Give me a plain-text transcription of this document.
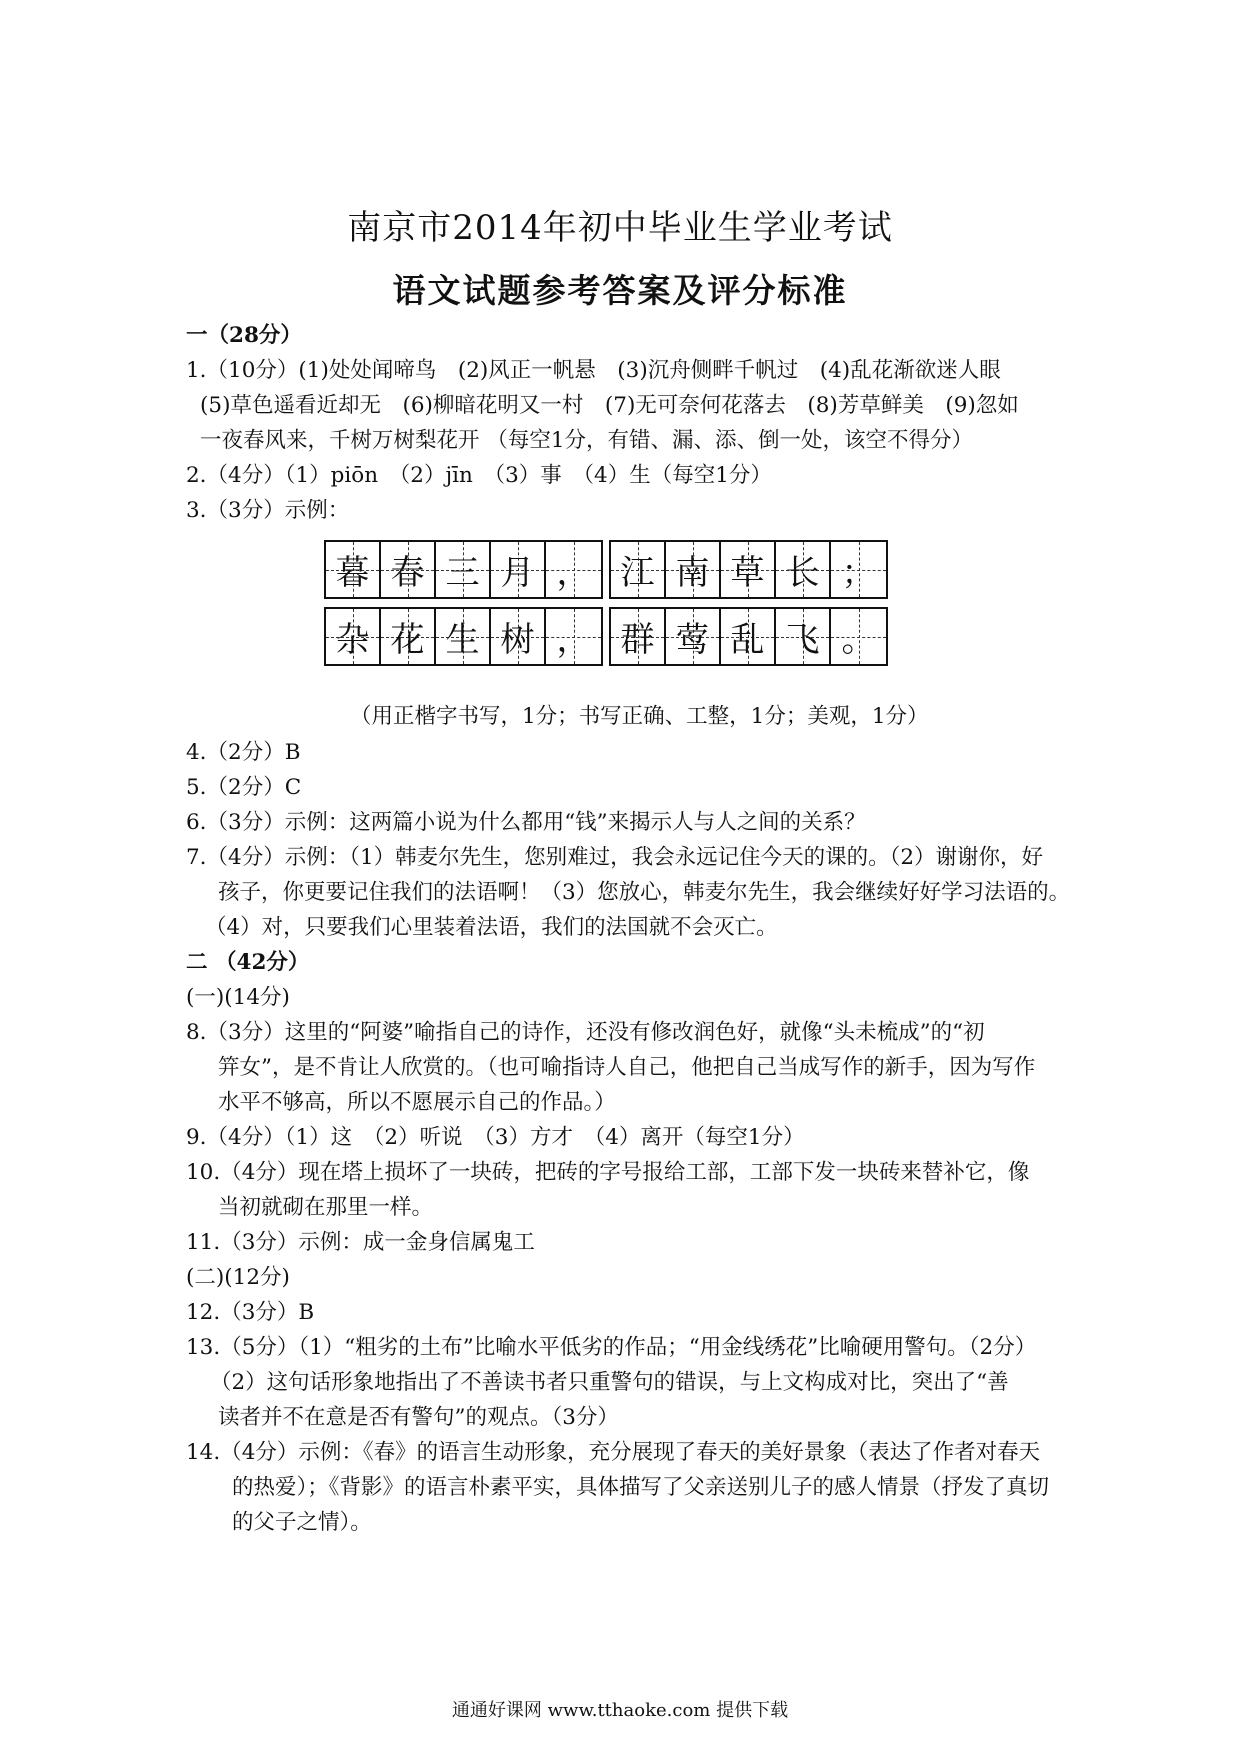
南京市2014年初中毕业生学业考试
语文试题参考答案及评分标准
一（28分）
1.（10分）(1)处处闻啼鸟　(2)风正一帆悬　(3)沉舟侧畔千帆过　(4)乱花渐欲迷人眼
(5)草色遥看近却无　(6)柳暗花明又一村　(7)无可奈何花落去　(8)芳草鲜美　(9)忽如
一夜春风来，千树万树梨花开 （每空1分，有错、漏、添、倒一处，该空不得分）
2.（4分）（1）piōn　（2）jīn　（3）事　（4）生（每空1分）
3.（3分）示例：
暮 春 三 月 ， 江 南 草 长 ；
杂 花 生 树 ， 群 莺 乱 飞 。
（用正楷字书写，1分；书写正确、工整，1分；美观，1分）
4.（2分）B
5.（2分）C
6.（3分）示例：这两篇小说为什么都用“钱”来揭示人与人之间的关系？
7.（4分）示例：（1）韩麦尔先生，您别难过，我会永远记住今天的课的。（2）谢谢你，好
孩子，你更要记住我们的法语啊！（3）您放心，韩麦尔先生，我会继续好好学习法语的。
（4）对，只要我们心里装着法语，我们的法国就不会灭亡。
二 （42分）
(一)(14分)
8.（3分）这里的“阿婆”喻指自己的诗作，还没有修改润色好，就像“头未梳成”的“初
笄女”，是不肯让人欣赏的。（也可喻指诗人自己，他把自己当成写作的新手，因为写作
水平不够高，所以不愿展示自己的作品。）
9.（4分）（1）这　（2）听说　（3）方才　（4）离开（每空1分）
10.（4分）现在塔上损坏了一块砖，把砖的字号报给工部，工部下发一块砖来替补它，像
当初就砌在那里一样。
11.（3分）示例：成一金身信属鬼工
(二)(12分)
12.（3分）B
13.（5分）（1）“粗劣的土布”比喻水平低劣的作品；“用金线绣花”比喻硬用警句。（2分）
（2）这句话形象地指出了不善读书者只重警句的错误，与上文构成对比，突出了“善
读者并不在意是否有警句”的观点。（3分）
14.（4分）示例：《春》的语言生动形象，充分展现了春天的美好景象（表达了作者对春天
的热爱）；《背影》的语言朴素平实，具体描写了父亲送别儿子的感人情景（抒发了真切
的父子之情）。
通通好课网 www.tthaoke.com 提供下载
